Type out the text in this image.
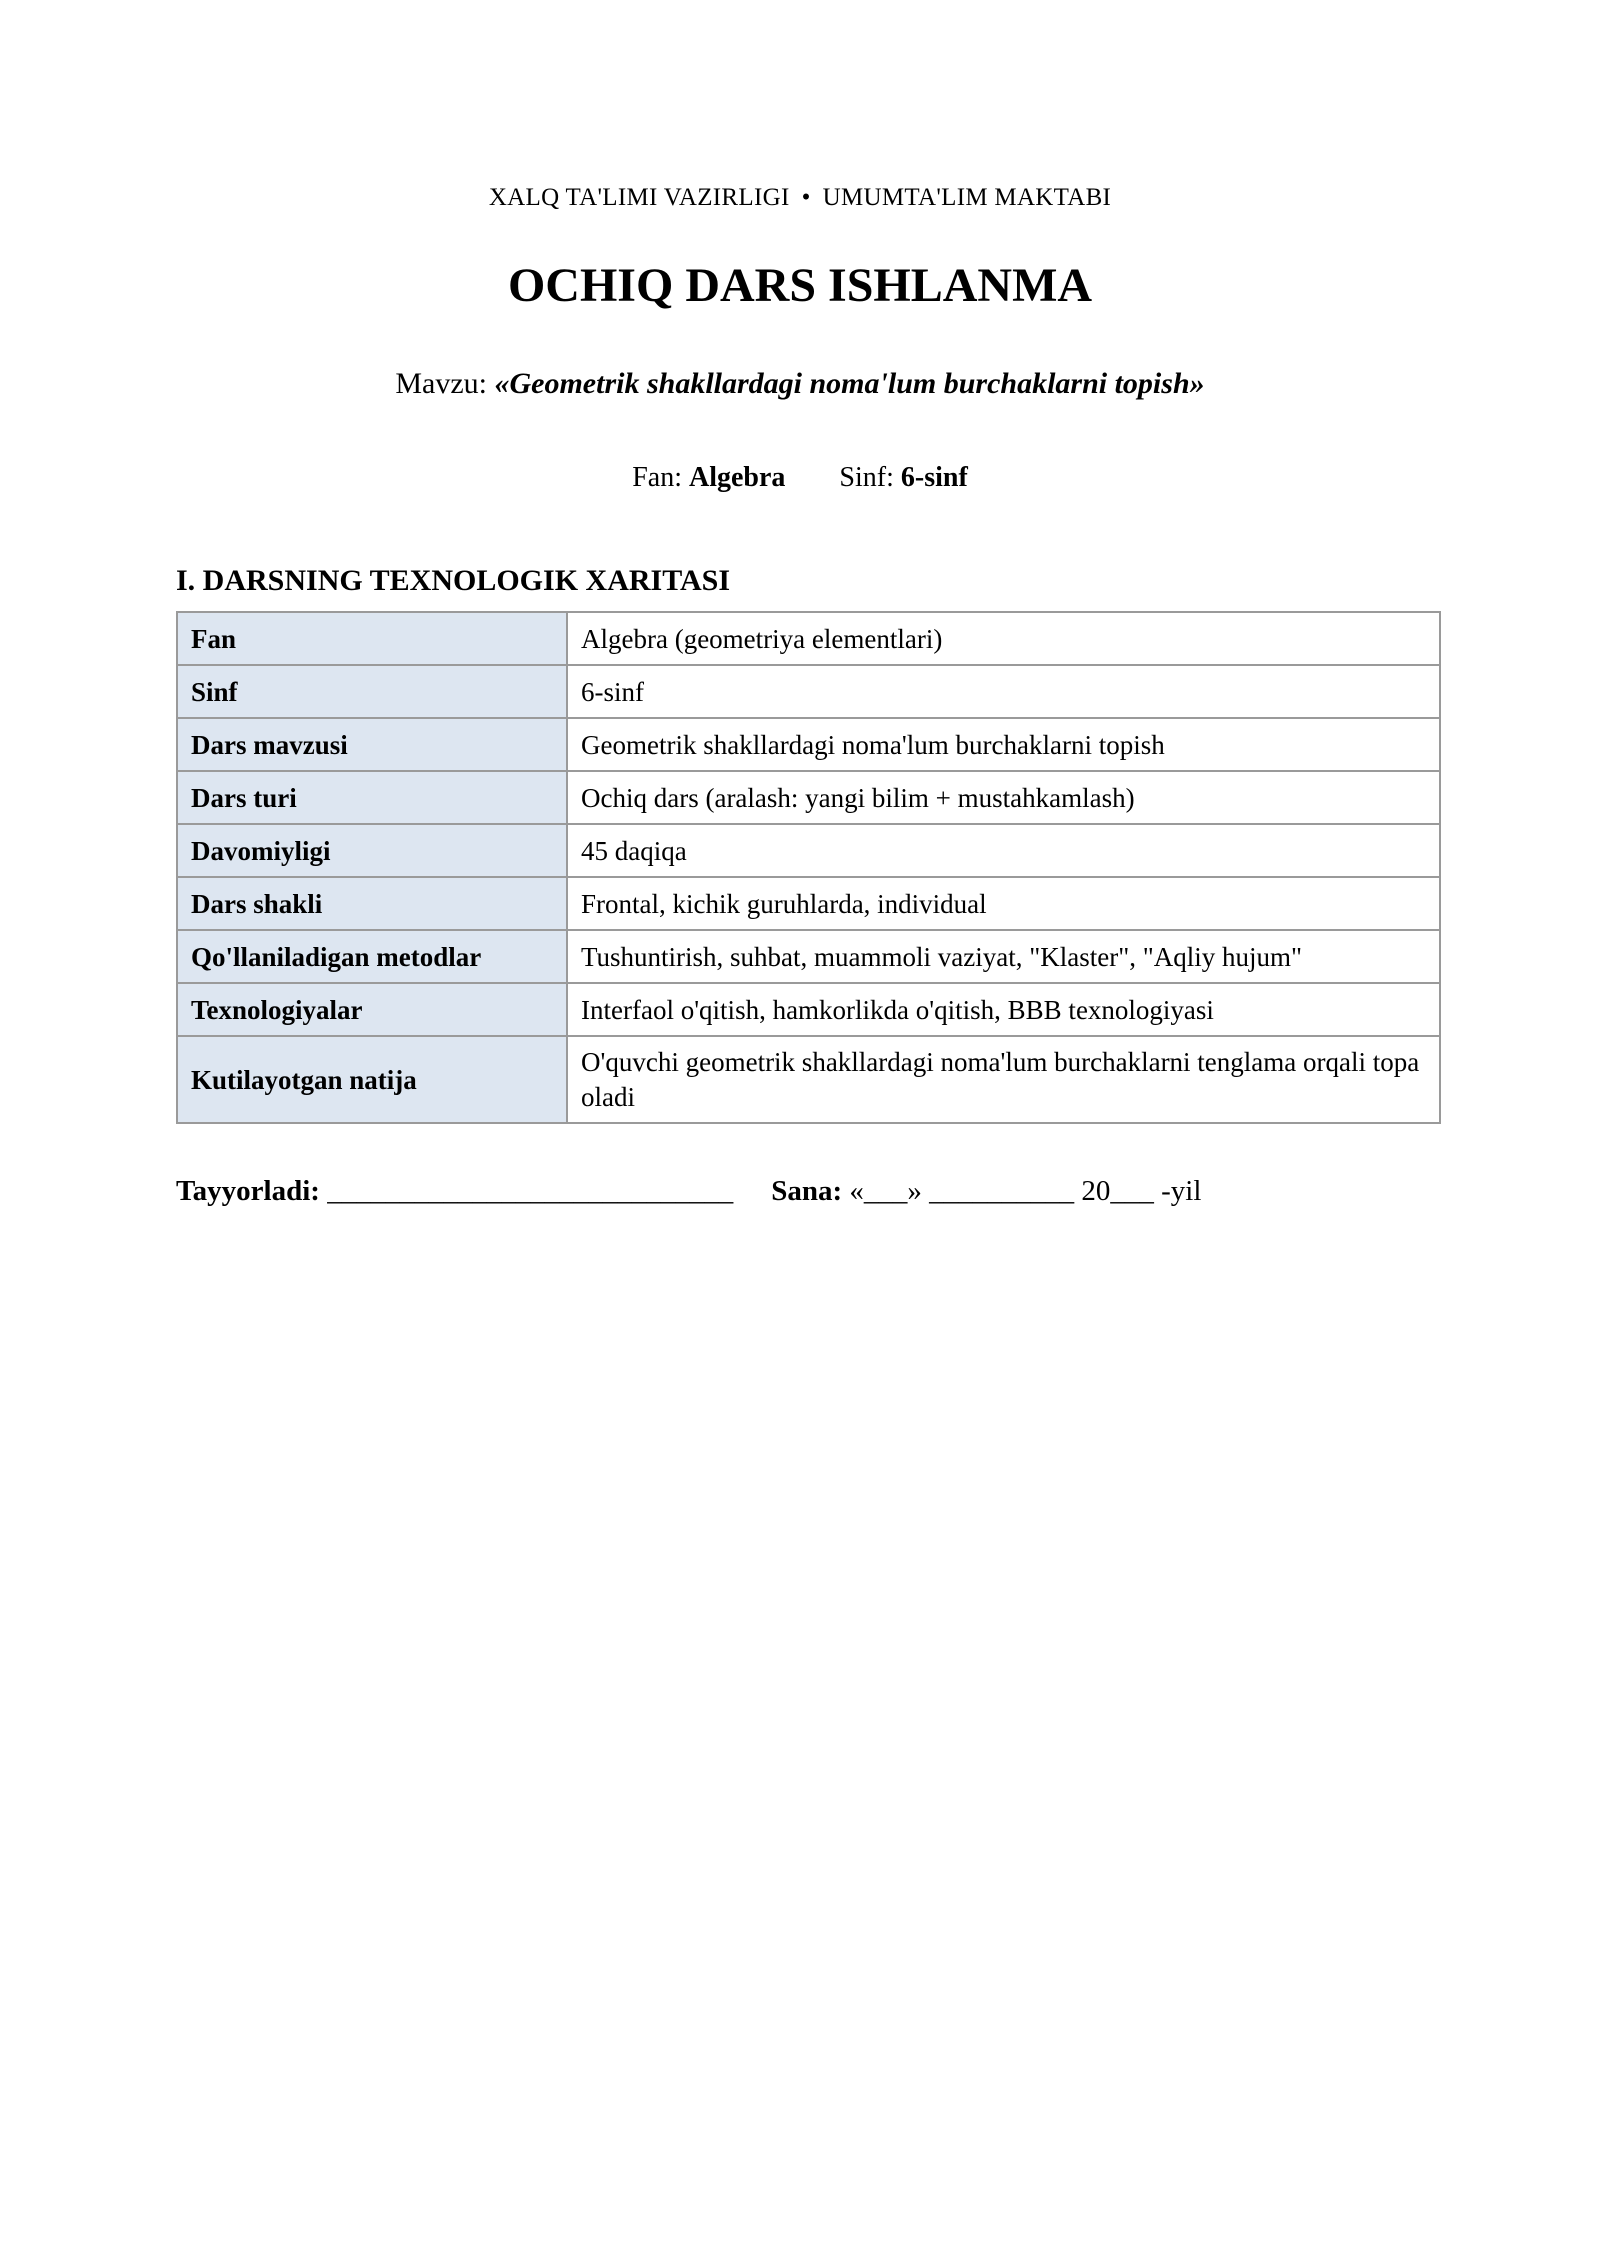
XALQ TA'LIMI VAZIRLIGI • UMUMTA'LIM MAKTABI
OCHIQ DARS ISHLANMA
Mavzu: «Geometrik shakllardagi noma'lum burchaklarni topish»
Fan: Algebra Sinf: 6-sinf
I. DARSNING TEXNOLOGIK XARITASI
Fan	Algebra (geometriya elementlari)
Sinf	6-sinf
Dars mavzusi	Geometrik shakllardagi noma'lum burchaklarni topish
Dars turi	Ochiq dars (aralash: yangi bilim + mustahkamlash)
Davomiyligi	45 daqiqa
Dars shakli	Frontal, kichik guruhlarda, individual
Qo'llaniladigan metodlar	Tushuntirish, suhbat, muammoli vaziyat, "Klaster", "Aqliy hujum"
Texnologiyalar	Interfaol o'qitish, hamkorlikda o'qitish, BBB texnologiyasi
Kutilayotgan natija	O'quvchi geometrik shakllardagi noma'lum burchaklarni tenglama orqali topa oladi
Tayyorladi: ____________________________ Sana: «___» __________ 20___ -yil
